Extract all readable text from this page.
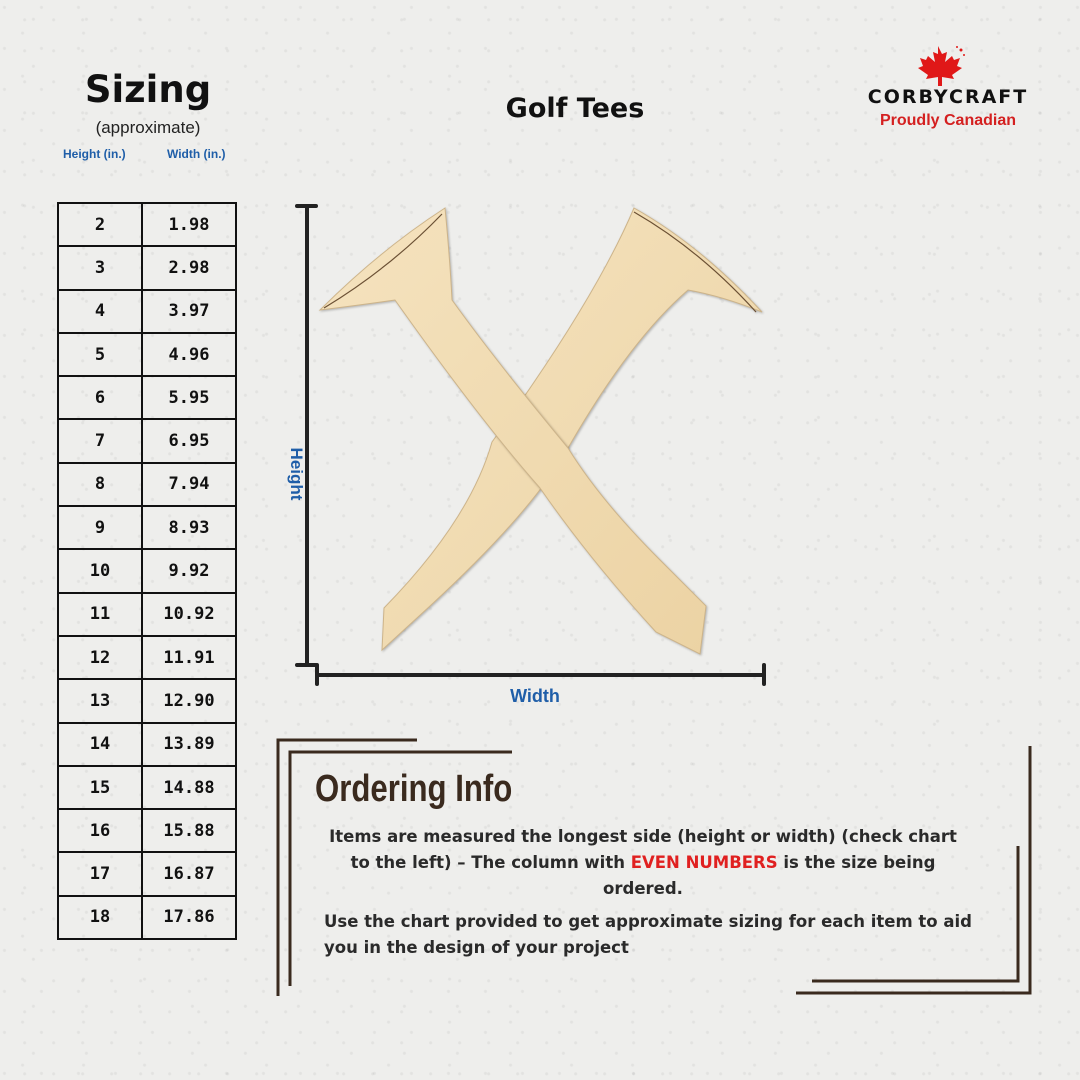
Sizing
(approximate)
Height (in.)	Width (in.)
2	1.98
3	2.98
4	3.97
5	4.96
6	5.95
7	6.95
8	7.94
9	8.93
10	9.92
11	10.92
12	11.91
13	12.90
14	13.89
15	14.88
16	15.88
17	16.87
18	17.86
Golf Tees	CORBYCRAFT
Proudly Canadian
Height
Width
Ordering Info
Items are measured the longest side (height or width) (check chart to the left) – The column with EVEN NUMBERS is the size being ordered.
Use the chart provided to get approximate sizing for each item to aid you in the design of your project
